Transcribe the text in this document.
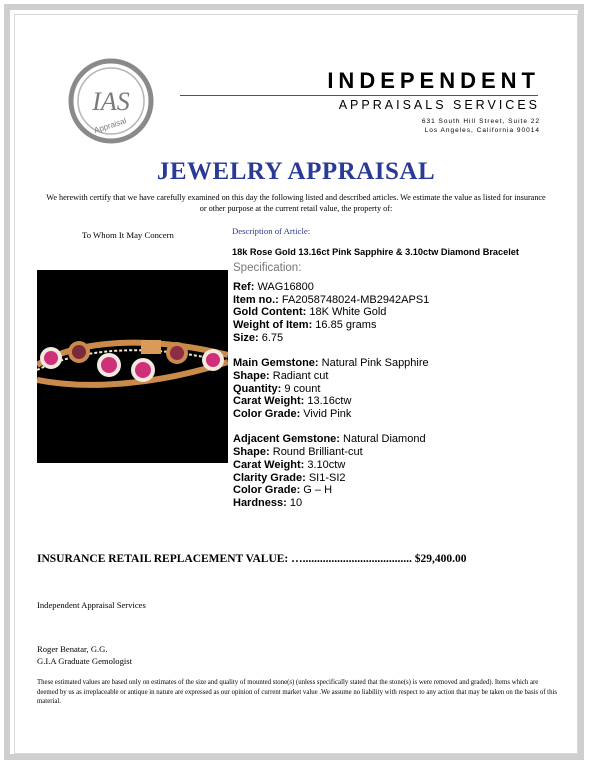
IAS
Appraisal
INDEPENDENT
APPRAISALS SERVICES
631 South Hill Street, Suite 22
Los Angeles, California 90014
JEWELRY APPRAISAL
We herewith certify that we have carefully examined on this day the following listed and described articles. We estimate the value as listed for insurance or other purpose at the current retail value, the property of:
To Whom It May Concern	Description of Article:
18k Rose Gold 13.16ct Pink Sapphire & 3.10ctw Diamond Bracelet
Specification:
Ref: WAG16800
Item no.: FA2058748024-MB2942APS1
Gold Content: 18K White Gold
Weight of Item: 16.85 grams
Size: 6.75
Main Gemstone: Natural Pink Sapphire
Shape: Radiant cut
Quantity: 9 count
Carat Weight: 13.16ctw
Color Grade: Vivid Pink
Adjacent Gemstone: Natural Diamond
Shape: Round Brilliant-cut
Carat Weight: 3.10ctw
Clarity Grade: SI1-SI2
Color Grade: G – H
Hardness: 10
INSURANCE RETAIL REPLACEMENT VALUE: …...................................... $29,400.00
Independent Appraisal Services
Roger Benatar, G.G.
G.I.A Graduate Gemologist
These estimated values are based only on estimates of the size and quality of mounted stone(s) (unless specifically stated that the stone(s) is were removed and graded). Items which are deemed by us as irreplaceable or antique in nature are expressed as our opinion of current market value .We assume no liability with respect to any action that may be taken on the basis of this material.
